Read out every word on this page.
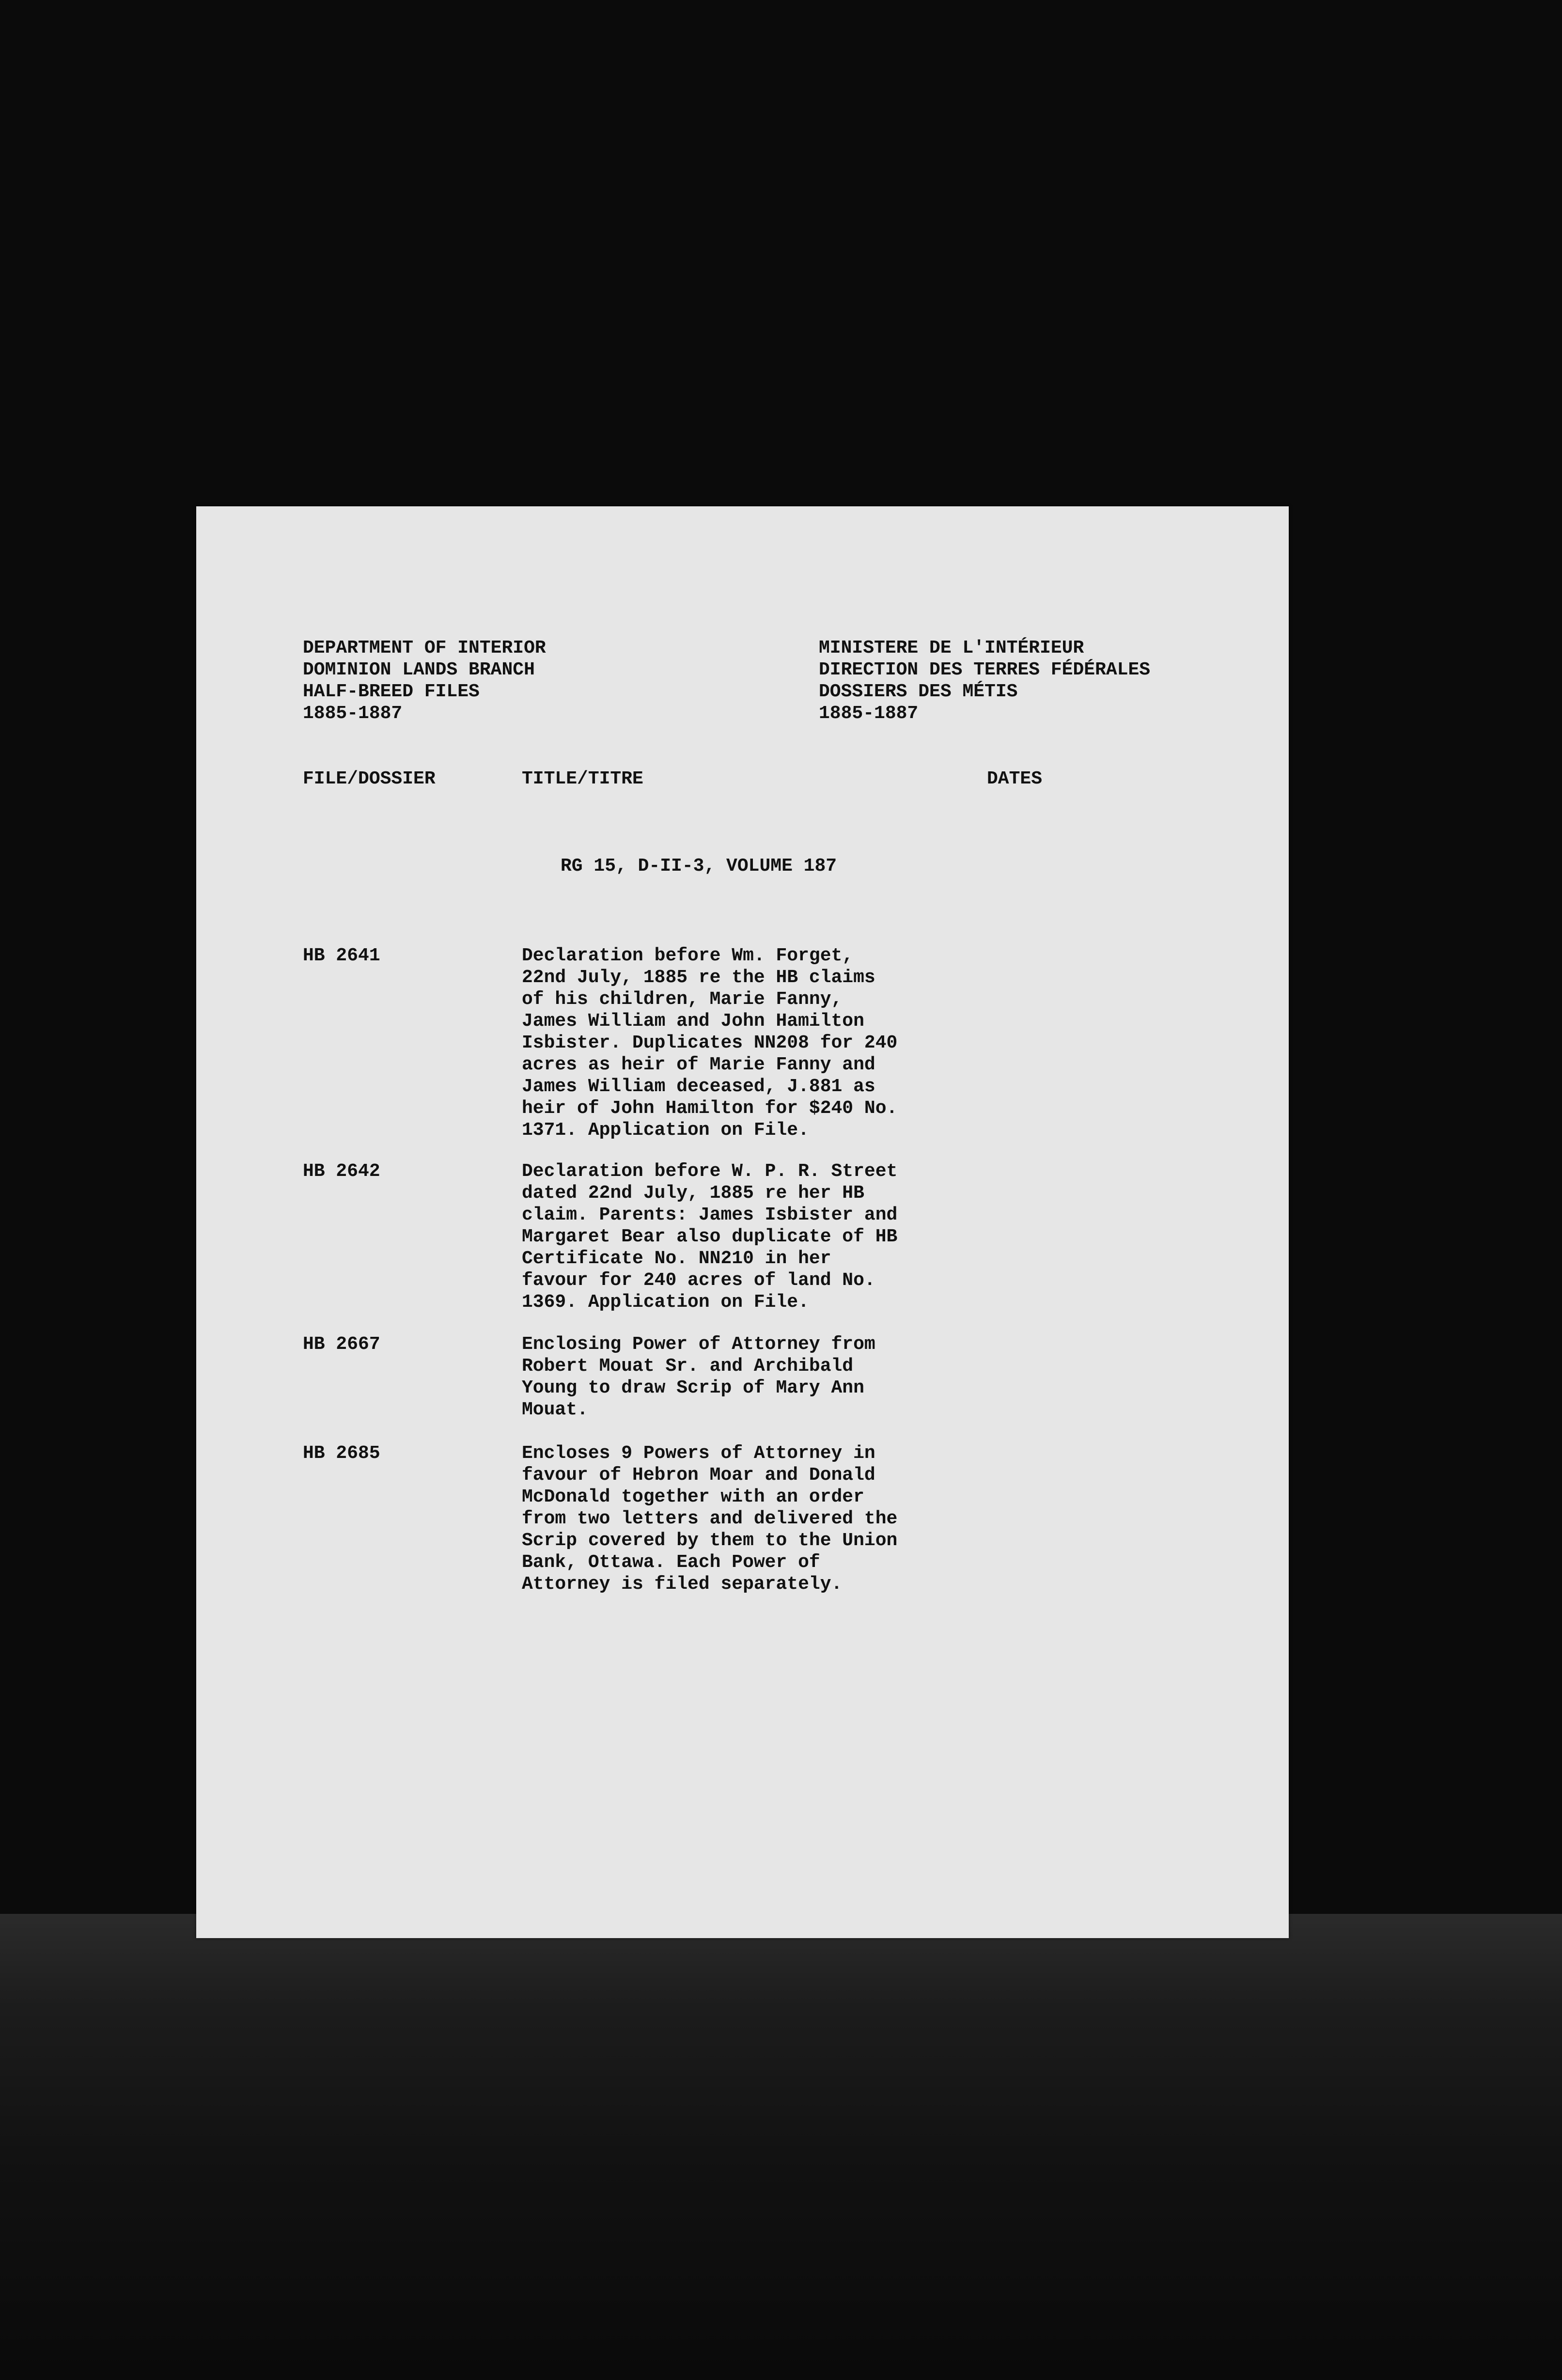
DEPARTMENT OF INTERIOR
DOMINION LANDS BRANCH
HALF-BREED FILES
1885-1887
MINISTERE DE L'INTÉRIEUR
DIRECTION DES TERRES FÉDÉRALES
DOSSIERS DES MÉTIS
1885-1887
FILE/DOSSIER	TITLE/TITRE	DATES
RG 15, D-II-3, VOLUME 187
HB 2641	Declaration before Wm. Forget,
22nd July, 1885 re the HB claims
of his children, Marie Fanny,
James William and John Hamilton
Isbister. Duplicates NN208 for 240
acres as heir of Marie Fanny and
James William deceased, J.881 as
heir of John Hamilton for $240 No.
1371. Application on File.
HB 2642	Declaration before W. P. R. Street
dated 22nd July, 1885 re her HB
claim. Parents: James Isbister and
Margaret Bear also duplicate of HB
Certificate No. NN210 in her
favour for 240 acres of land No.
1369. Application on File.
HB 2667	Enclosing Power of Attorney from
Robert Mouat Sr. and Archibald
Young to draw Scrip of Mary Ann
Mouat.
HB 2685	Encloses 9 Powers of Attorney in
favour of Hebron Moar and Donald
McDonald together with an order
from two letters and delivered the
Scrip covered by them to the Union
Bank, Ottawa. Each Power of
Attorney is filed separately.
